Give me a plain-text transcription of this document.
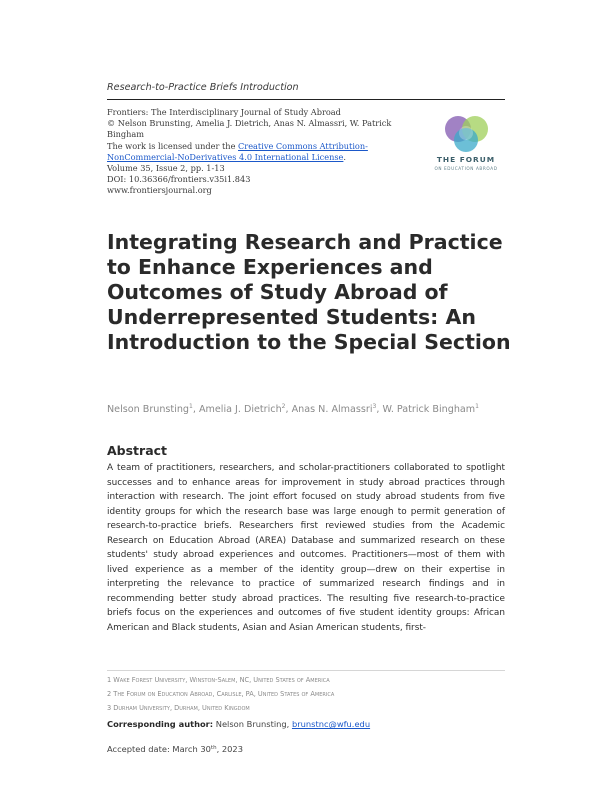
Research-to-Practice Briefs Introduction
Frontiers: The Interdisciplinary Journal of Study Abroad
© Nelson Brunsting, Amelia J. Dietrich, Anas N. Almassri, W. Patrick
Bingham
The work is licensed under the Creative Commons Attribution-
NonCommercial-NoDerivatives 4.0 International License.
Volume 35, Issue 2, pp. 1-13
DOI: 10.36366/frontiers.v35i1.843
www.frontiersjournal.org
THE FORUM
ON EDUCATION ABROAD
Integrating Research and Practice to Enhance Experiences and Outcomes of Study Abroad of Underrepresented Students: An Introduction to the Special Section
Nelson Brunsting$^1$, Amelia J. Dietrich$^2$, Anas N. Almassri$^3$, W. Patrick Bingham$^1$
Abstract

A team of practitioners, researchers, and scholar-practitioners collaborated to spotlight successes and to enhance areas for improvement in study abroad practices through interaction with research. The joint effort focused on study abroad students from five identity groups for which the research base was large enough to permit generation of research-to-practice briefs. Researchers first reviewed studies from the Academic Research on Education Abroad (AREA) Database and summarized research on these students' study abroad experiences and outcomes. Practitioners—most of them with lived experience as a member of the identity group—drew on their expertise in interpreting the relevance to practice of summarized research findings and in recommending better study abroad practices. The resulting five research-to-practice briefs focus on the experiences and outcomes of five student identity groups: African American and Black students, Asian and Asian American students, first-

1 Wake Forest University, Winston-Salem, NC, United States of America
2 The Forum on Education Abroad, Carlisle, PA, United States of America
3 Durham University, Durham, United Kingdom
Corresponding author: Nelson Brunsting, brunstnc@wfu.edu
Accepted date: March 30th, 2023
